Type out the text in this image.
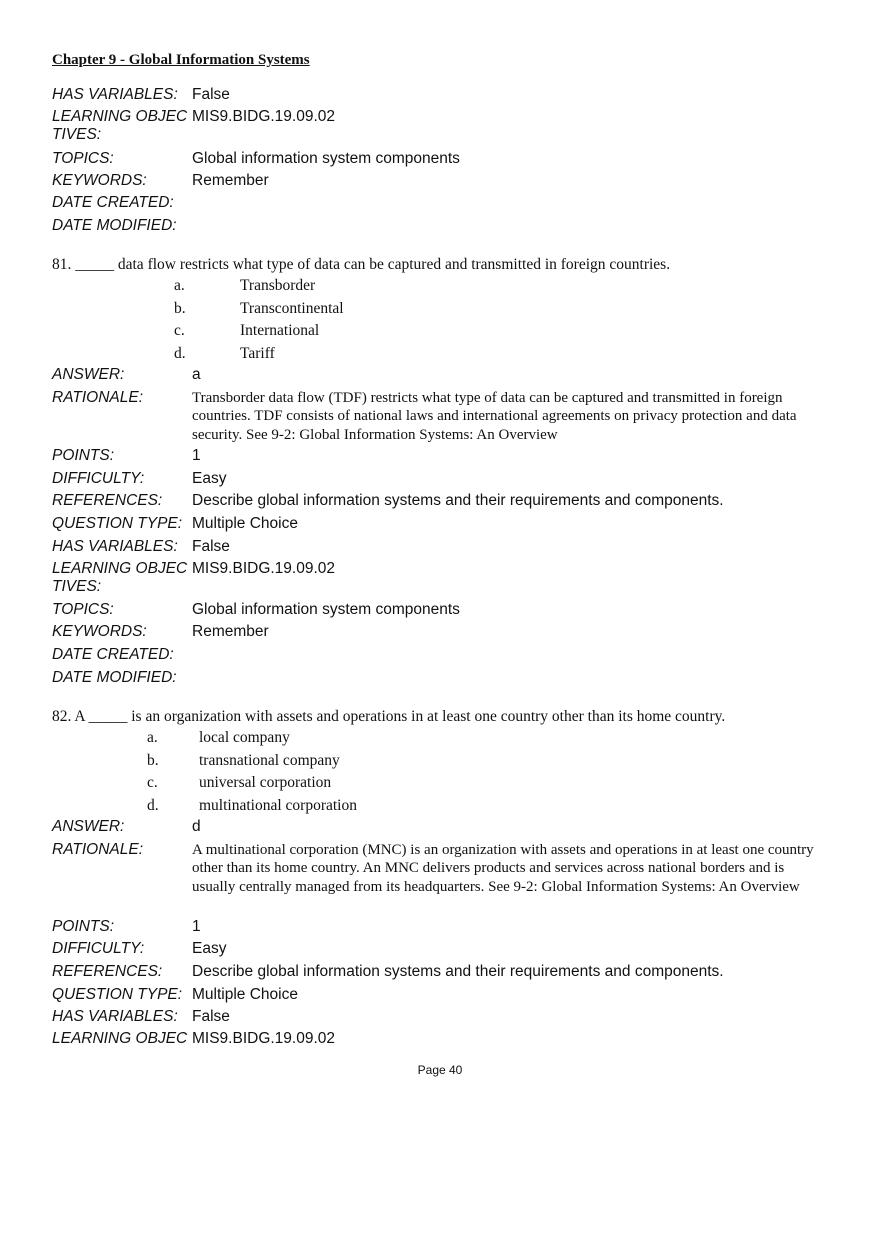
Chapter 9 - Global Information Systems
HAS VARIABLES: False
LEARNING OBJEC
TIVES:
MIS9.BIDG.19.09.02
TOPICS:	Global information system components
KEYWORDS:	Remember
DATE CREATED:
DATE MODIFIED:
81. _____ data flow restricts what type of data can be captured and transmitted in foreign countries.
a.	Transborder
b.	Transcontinental
c.	International
d.	Tariff
ANSWER:	a
RATIONALE:	Transborder data flow (TDF) restricts what type of data can be captured and transmitted in foreign countries. TDF consists of national laws and international agreements on privacy protection and data security. See 9-2: Global Information Systems: An Overview
POINTS:	1
DIFFICULTY:	Easy
REFERENCES:	Describe global information systems and their requirements and components.
QUESTION TYPE: Multiple Choice
HAS VARIABLES: False
LEARNING OBJEC
TIVES:
MIS9.BIDG.19.09.02
TOPICS:	Global information system components
KEYWORDS:	Remember
DATE CREATED:
DATE MODIFIED:
82. A _____ is an organization with assets and operations in at least one country other than its home country.
a.	local company
b.	transnational company
c.	universal corporation
d.	multinational corporation
ANSWER:	d
RATIONALE:	A multinational corporation (MNC) is an organization with assets and operations in at least one country other than its home country. An MNC delivers products and services across national borders and is usually centrally managed from its headquarters. See 9-2: Global Information Systems: An Overview
POINTS:	1
DIFFICULTY:	Easy
REFERENCES:	Describe global information systems and their requirements and components.
QUESTION TYPE: Multiple Choice
HAS VARIABLES: False
LEARNING OBJEC MIS9.BIDG.19.09.02
Page 40
